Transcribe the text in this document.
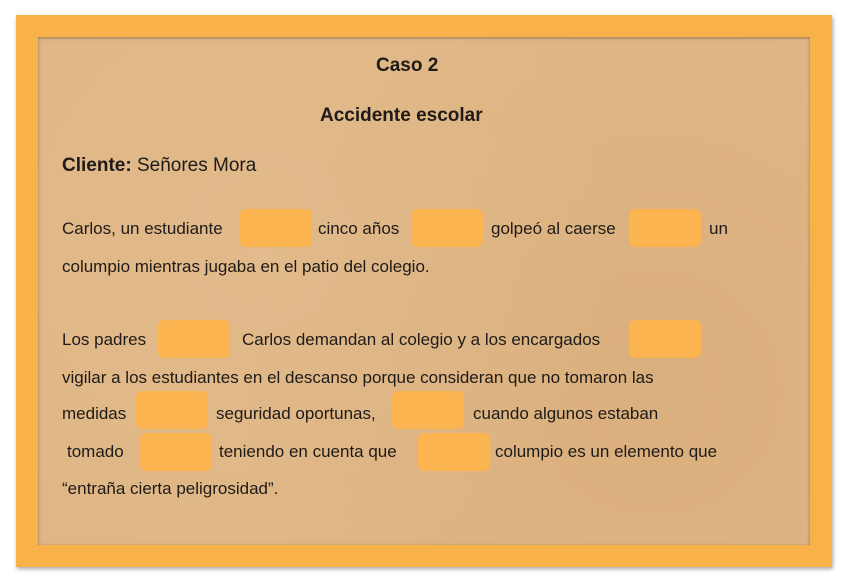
Caso 2
Accidente escolar
Cliente: Señores Mora
Carlos, un estudiante	cinco años	golpeó al caerse	un
columpio mientras jugaba en el patio del colegio.
Los padres	Carlos demandan al colegio y a los encargados
vigilar a los estudiantes en el descanso porque consideran que no tomaron las
medidas	seguridad oportunas,	cuando algunos estaban
tomado	teniendo en cuenta que	columpio es un elemento que
“entraña cierta peligrosidad”.
